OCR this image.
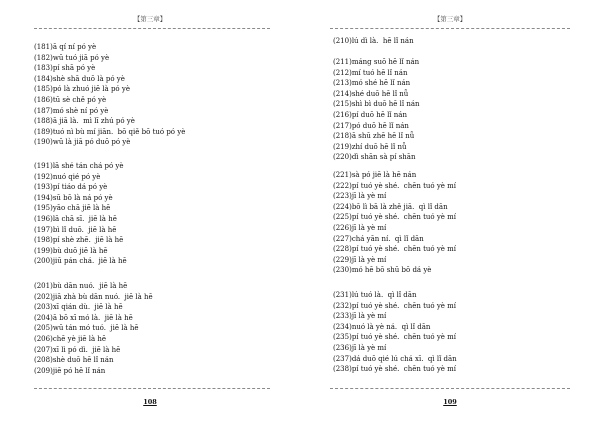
【第三章】
(181)ā qí ní pó yè
(182)wū tuó jiā pó yè
(183)pí shā pó yè
(184)shè shā duō là pó yè
(185)pó là zhuó jiē là pó yè
(186)tū sè chě pó yè
(187)mó shè ní pó yè
(188)ā jiā là.  mì lī zhú pó yè
(189)tuó nì bù mí jiān.  bō qiě bō tuó pó yè
(190)wū là jiā pó duō pó yè
(191)lā shé tán chá pó yè
(192)nuó qié pó yè
(193)pí tiáo dá pó yè
(194)sū bō là ná pó yè
(195)yāo chā jiē là hē
(196)lā chā sī.  jiē là hē
(197)bì lǐ duō.  jiē là hē
(198)pí shè zhē.  jiē là hē
(199)bù duō jiē là hē
(200)jiū pán chá.  jiē là hē
(201)bù dān nuó.  jiē là hē
(202)jiā zhà bù dān nuó.  jiē là hē
(203)xī qián dù.  jiē là hē
(204)ā bō xī mó là.  jiē là hē
(205)wū tán mó tuó.  jiē là hē
(206)chē yè jiē là hē
(207)xī lì pó dì.  jiē là hē
(208)shè duō hē lǐ nán
(209)jiē pó hē lǐ nán
108
【第三章】
(210)lú dì là.  hē lǐ nán
(211)máng suō hē lǐ nán
(212)mí tuó hē lǐ nán
(213)mó shé hē lǐ nán
(214)shé duō hē lǐ nǚ
(215)shì bì duō hē lǐ nán
(216)pí duō hē lǐ nán
(217)pó duō hē lǐ nán
(218)ā shū zhē hē lǐ nǚ
(219)zhí duō hē lǐ nǚ
(220)dì shān sà pí shān
(221)sà pó jiē là hē nán
(222)pí tuó yè shé.  chēn tuó yè mí
(223)jī là yè mí
(224)bō lì bā là zhě jiā.  qì lǐ dān
(225)pí tuó yè shé.  chēn tuó yè mí
(226)jī là yè mí
(227)chá yān ní.  qì lǐ dān
(228)pí tuó yè shé.  chēn tuó yè mí
(229)jī là yè mí
(230)mó hē bō shū bō dá yè
(231)lú tuó là.  qì lǐ dān
(232)pí tuó yè shé.  chēn tuó yè mí
(233)jī là yè mí
(234)nuó là yè ná.  qì lǐ dān
(235)pí tuó yè shé.  chēn tuó yè mí
(236)jī là yè mí
(237)dá duō qié lú chá xī.  qì lǐ dān
(238)pí tuó yè shé.  chēn tuó yè mí
109
